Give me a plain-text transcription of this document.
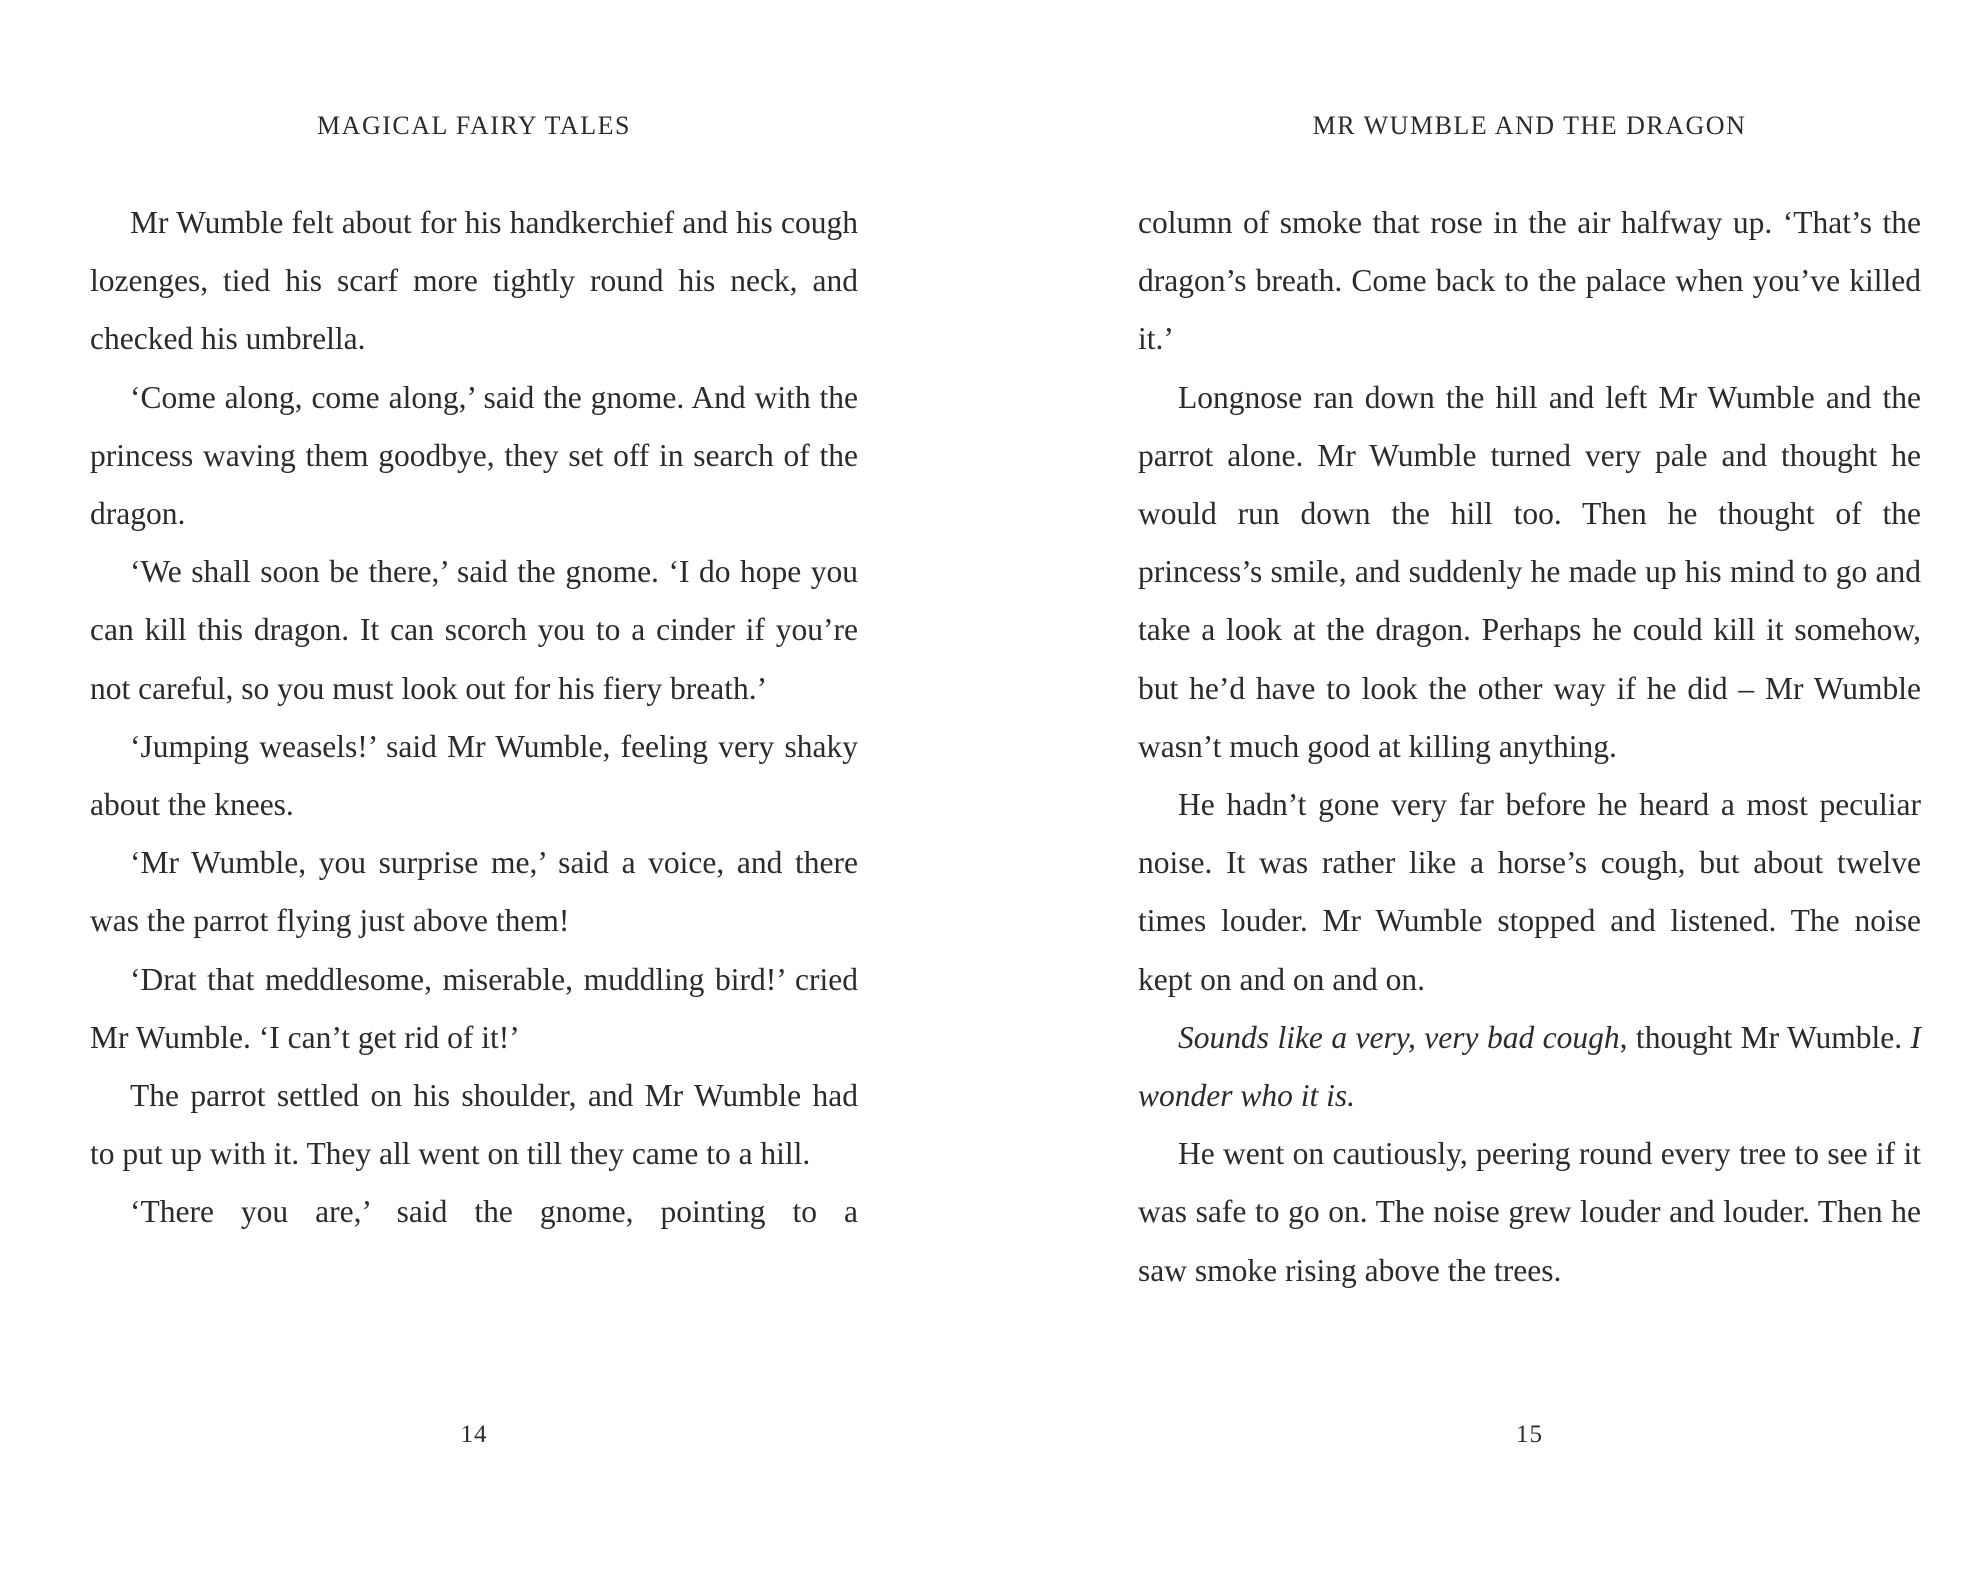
MAGICAL FAIRY TALES

Mr Wumble felt about for his handkerchief and his cough lozenges, tied his scarf more tightly round his neck, and checked his umbrella.

‘Come along, come along,’ said the gnome. And with the princess waving them goodbye, they set off in search of the dragon.

‘We shall soon be there,’ said the gnome. ‘I do hope you can kill this dragon. It can scorch you to a cinder if you’re not careful, so you must look out for his fiery breath.’

‘Jumping weasels!’ said Mr Wumble, feeling very shaky about the knees.

‘Mr Wumble, you surprise me,’ said a voice, and there was the parrot flying just above them!

‘Drat that meddlesome, miserable, muddling bird!’ cried Mr Wumble. ‘I can’t get rid of it!’

The parrot settled on his shoulder, and Mr Wumble had to put up with it. They all went on till they came to a hill.

‘There you are,’ said the gnome, pointing to a

14
MR WUMBLE AND THE DRAGON

column of smoke that rose in the air halfway up. ‘That’s the dragon’s breath. Come back to the palace when you’ve killed it.’

Longnose ran down the hill and left Mr Wumble and the parrot alone. Mr Wumble turned very pale and thought he would run down the hill too. Then he thought of the princess’s smile, and suddenly he made up his mind to go and take a look at the dragon. Perhaps he could kill it somehow, but he’d have to look the other way if he did – Mr Wumble wasn’t much good at killing anything.

He hadn’t gone very far before he heard a most peculiar noise. It was rather like a horse’s cough, but about twelve times louder. Mr Wumble stopped and listened. The noise kept on and on and on.

Sounds like a very, very bad cough, thought Mr Wumble. I wonder who it is.

He went on cautiously, peering round every tree to see if it was safe to go on. The noise grew louder and louder. Then he saw smoke rising above the trees.

15
